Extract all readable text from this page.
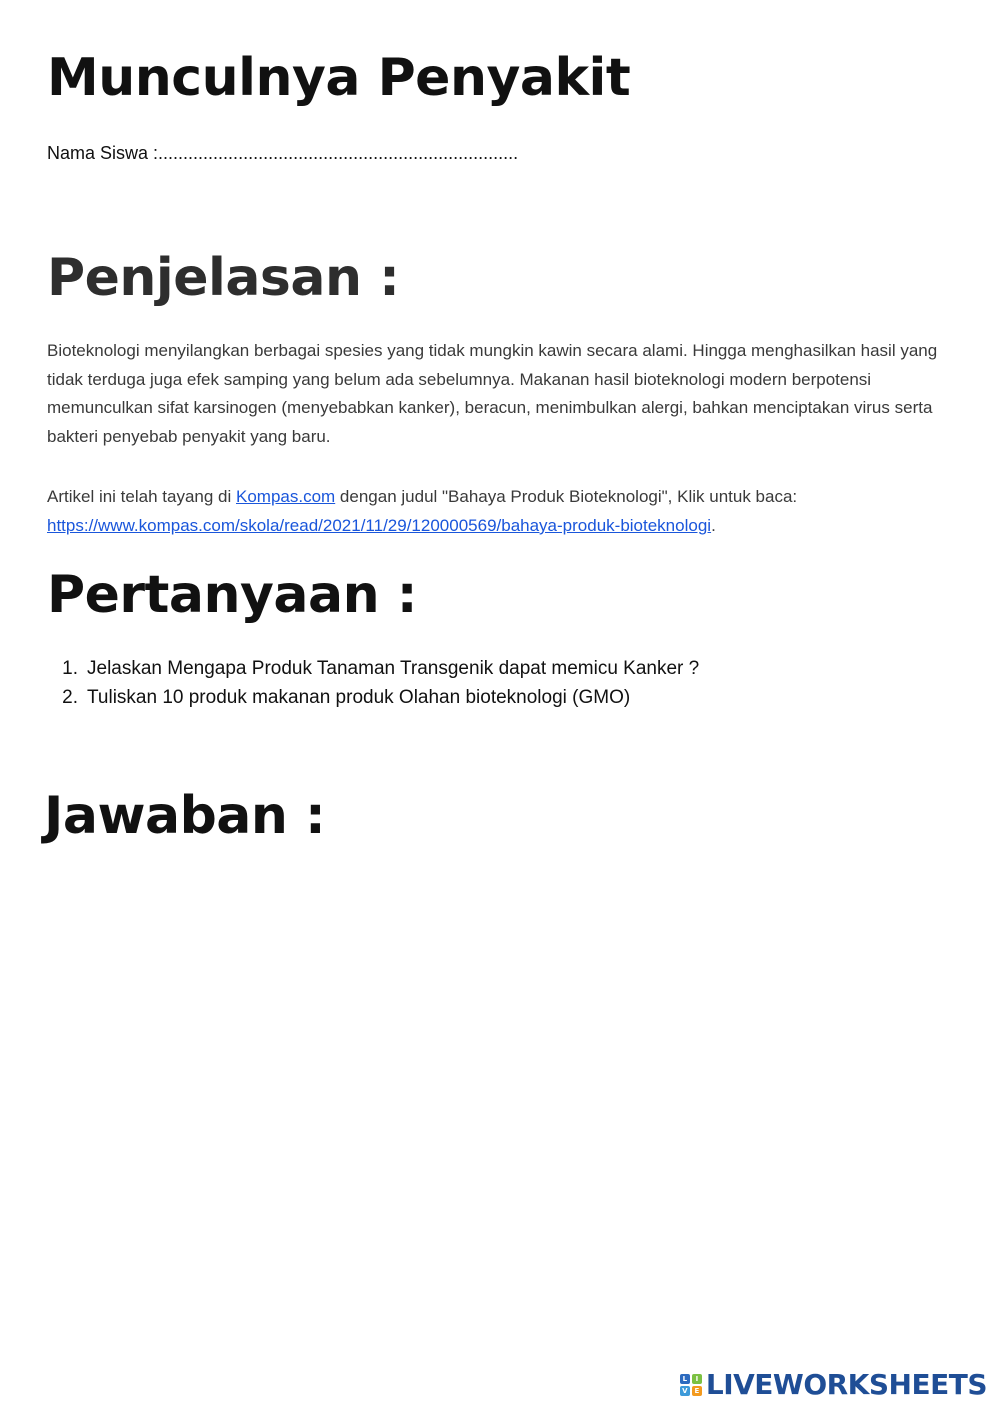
Munculnya Penyakit
Nama Siswa :........................................................................
Penjelasan :

Bioteknologi menyilangkan berbagai spesies yang tidak mungkin kawin secara alami. Hingga menghasilkan hasil yang tidak terduga juga efek samping yang belum ada sebelumnya. Makanan hasil bioteknologi modern berpotensi memunculkan sifat karsinogen (menyebabkan kanker), beracun, menimbulkan alergi, bahkan menciptakan virus serta bakteri penyebab penyakit yang baru.

Artikel ini telah tayang di Kompas.com dengan judul "Bahaya Produk Bioteknologi", Klik untuk baca:
https://www.kompas.com/skola/read/2021/11/29/120000569/bahaya-produk-bioteknologi.

Pertanyaan :
1. Jelaskan Mengapa Produk Tanaman Transgenik dapat memicu Kanker ?
2. Tuliskan 10 produk makanan produk Olahan bioteknologi (GMO)
Jawaban :
L	I
V E LIVEWORKSHEETS
